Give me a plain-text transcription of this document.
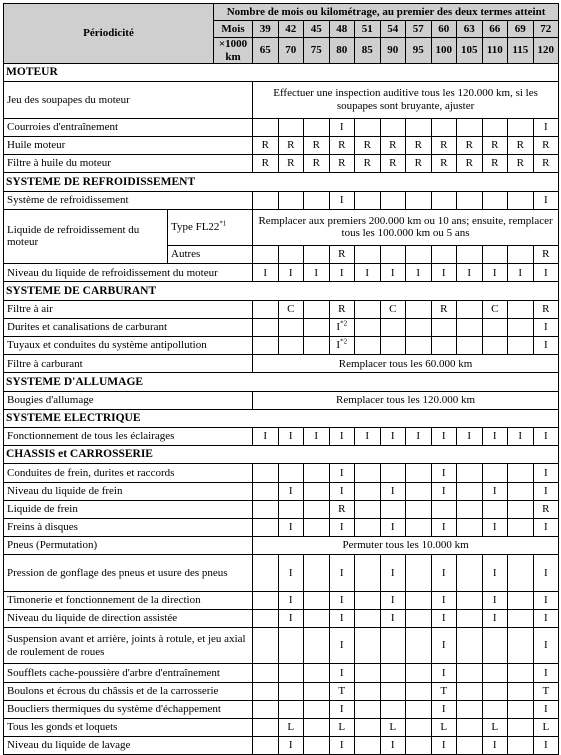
Périodicité		Nombre de mois ou kilométrage, au premier des deux termes atteint												
		Mois	39	42	45	48	51	54	57	60	63	66	69	72
		×1000 km	65	70	75	80	85	90	95	100	105	110	115	120
MOTEUR														
Jeu des soupapes du moteur			Effectuer une inspection auditive tous les 120.000 km, si les soupapes sont bruyante, ajuster											
Courroies d'entraînement						I								I
Huile moteur			R	R	R	R	R	R	R	R	R	R	R	R
Filtre à huile du moteur			R	R	R	R	R	R	R	R	R	R	R	R
SYSTEME DE REFROIDISSEMENT														
Système de refroidissement						I								I
Liquide de refroidissement du moteur	Type FL22$^{*1}$		Remplacer aux premiers 200.000 km ou 10 ans; ensuite, remplacer tous les 100.000 km ou 5 ans											
	Autres					R								R
Niveau du liquide de refroidissement du moteur			I	I	I	I	I	I	I	I	I	I	I	I
SYSTEME DE CARBURANT														
Filtre à air				C		R		C		R		C		R
Durites et canalisations de carburant						$I^{*2}$								I
Tuyaux et conduites du système antipollution						$I^{*2}$								I
Filtre à carburant			Remplacer tous les 60.000 km											
SYSTEME D'ALLUMAGE														
Bougies d'allumage			Remplacer tous les 120.000 km											
SYSTEME ELECTRIQUE														
Fonctionnement de tous les éclairages			I	I	I	I	I	I	I	I	I	I	I	I
CHASSIS et CARROSSERIE														
Conduites de frein, durites et raccords						I				I				I
Niveau du liquide de frein				I		I		I		I		I		I
Liquide de frein						R								R
Freins à disques				I		I		I		I		I		I
Pneus (Permutation)			Permuter tous les 10.000 km											
Pression de gonflage des pneus et usure des pneus				I		I		I		I		I		I
Timonerie et fonctionnement de la direction				I		I		I		I		I		I
Niveau du liquide de direction assistée				I		I		I		I		I		I
Suspension avant et arrière, joints à rotule, et jeu axial de roulement de roues						I				I				I
Soufflets cache-poussière d'arbre d'entraînement						I				I				I
Boulons et écrous du châssis et de la carrosserie						T				T				T
Boucliers thermiques du système d'échappement						I				I				I
Tous les gonds et loquets				L		L		L		L		L		L
Niveau du liquide de lavage				I		I		I		I		I		I
